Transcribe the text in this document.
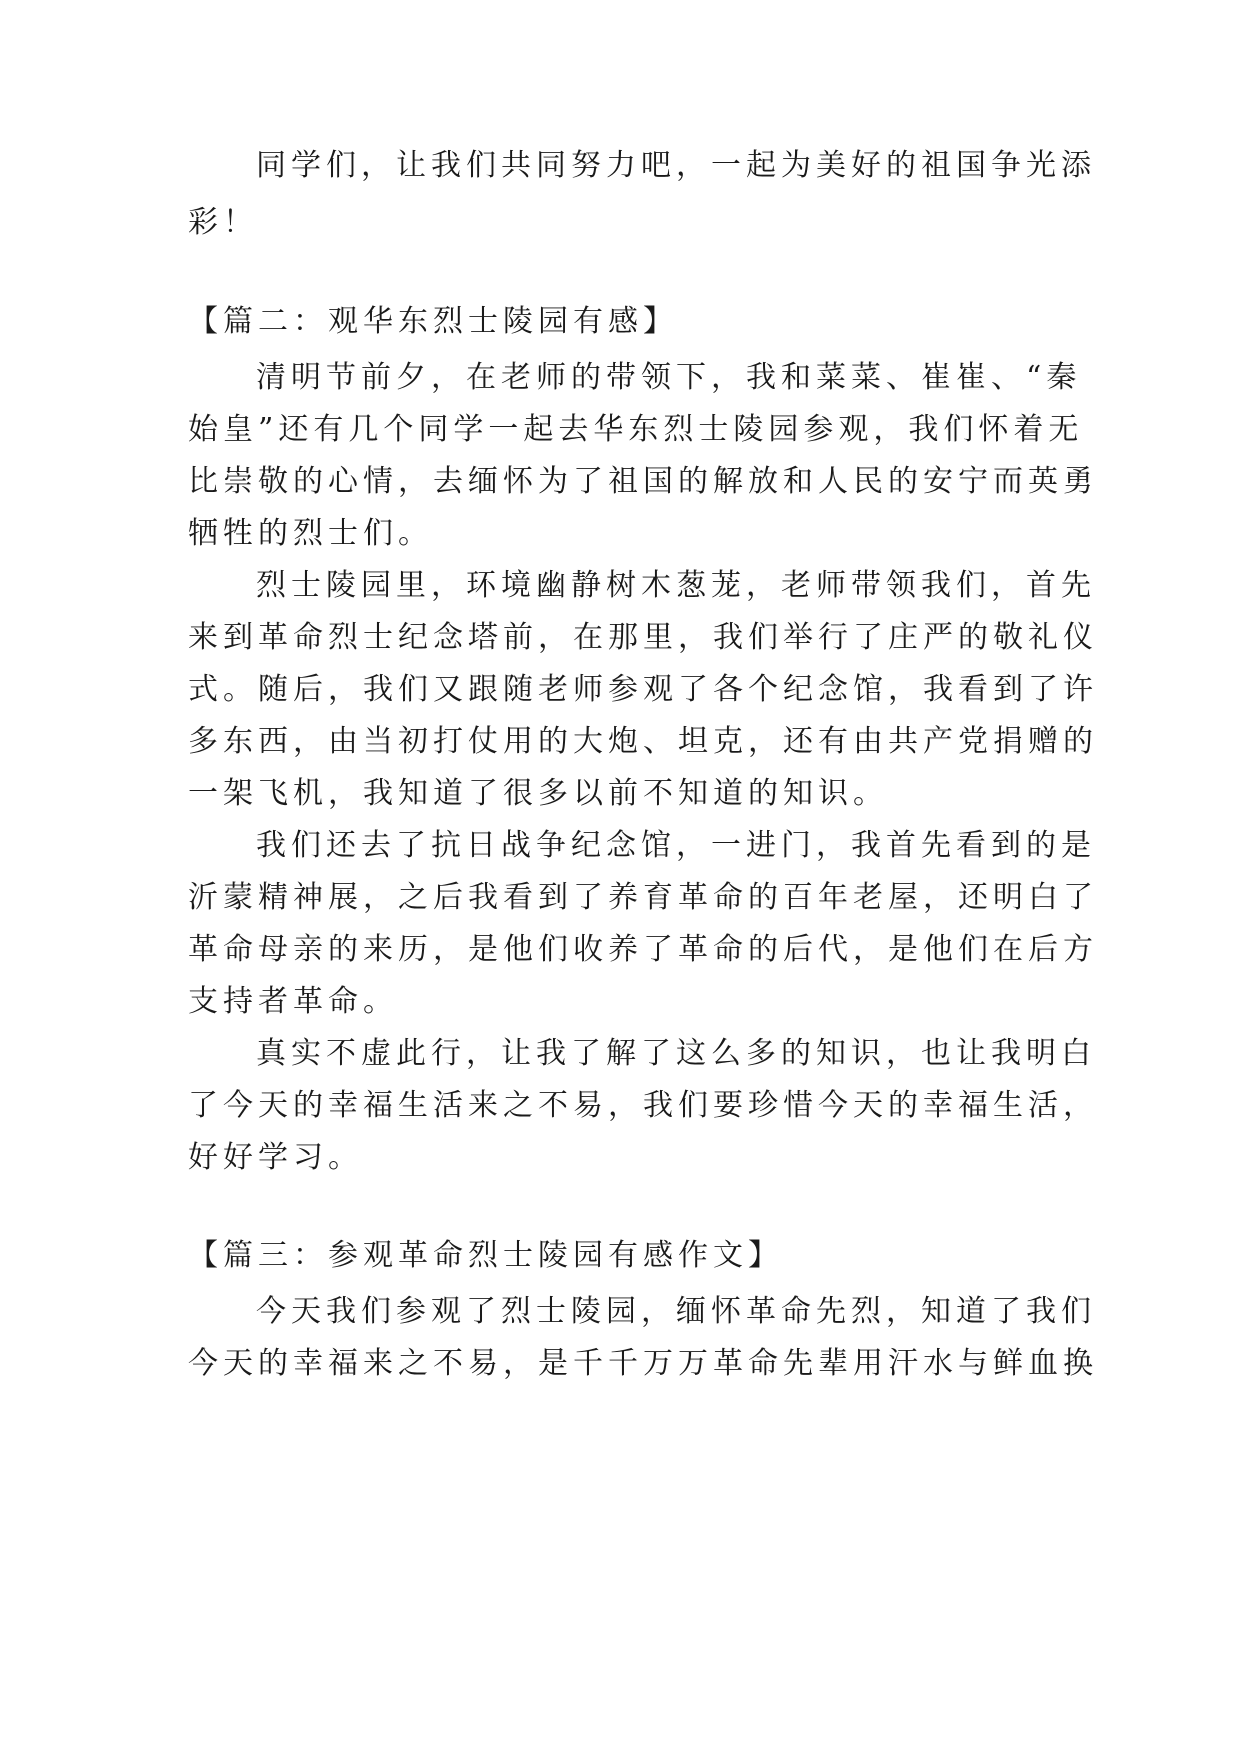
同学们，让我们共同努力吧，一起为美好的祖国争光添
彩！
【篇二：观华东烈士陵园有感】
清明节前夕，在老师的带领下，我和菜菜、崔崔、“秦
始皇”还有几个同学一起去华东烈士陵园参观，我们怀着无
比崇敬的心情，去缅怀为了祖国的解放和人民的安宁而英勇
牺牲的烈士们。
烈士陵园里，环境幽静树木葱茏，老师带领我们，首先
来到革命烈士纪念塔前，在那里，我们举行了庄严的敬礼仪
式。随后，我们又跟随老师参观了各个纪念馆，我看到了许
多东西，由当初打仗用的大炮、坦克，还有由共产党捐赠的
一架飞机，我知道了很多以前不知道的知识。
我们还去了抗日战争纪念馆，一进门，我首先看到的是
沂蒙精神展，之后我看到了养育革命的百年老屋，还明白了
革命母亲的来历，是他们收养了革命的后代，是他们在后方
支持者革命。
真实不虚此行，让我了解了这么多的知识，也让我明白
了今天的幸福生活来之不易，我们要珍惜今天的幸福生活，
好好学习。
【篇三：参观革命烈士陵园有感作文】
今天我们参观了烈士陵园，缅怀革命先烈，知道了我们
今天的幸福来之不易，是千千万万革命先辈用汗水与鲜血换
